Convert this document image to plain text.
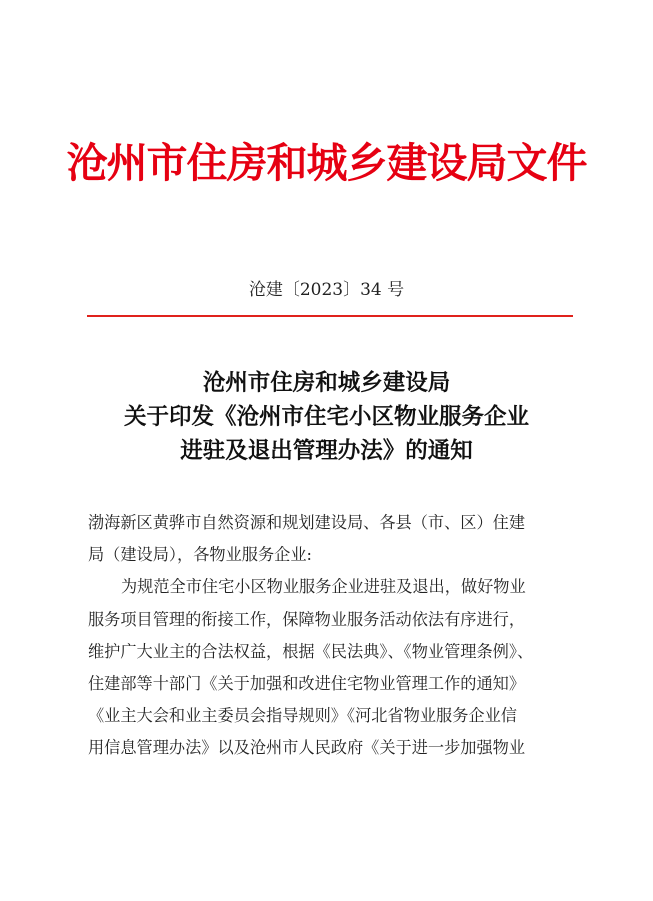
沧州市住房和城乡建设局文件
沧建〔2023〕34 号
沧州市住房和城乡建设局
关于印发《沧州市住宅小区物业服务企业
进驻及退出管理办法》的通知
渤海新区黄骅市自然资源和规划建设局、各县（市、区）住建
局（建设局），各物业服务企业:
为规范全市住宅小区物业服务企业进驻及退出，做好物业
服务项目管理的衔接工作，保障物业服务活动依法有序进行，
维护广大业主的合法权益，根据《民法典》、《物业管理条例》、
住建部等十部门《关于加强和改进住宅物业管理工作的通知》
《业主大会和业主委员会指导规则》《河北省物业服务企业信
用信息管理办法》以及沧州市人民政府《关于进一步加强物业
